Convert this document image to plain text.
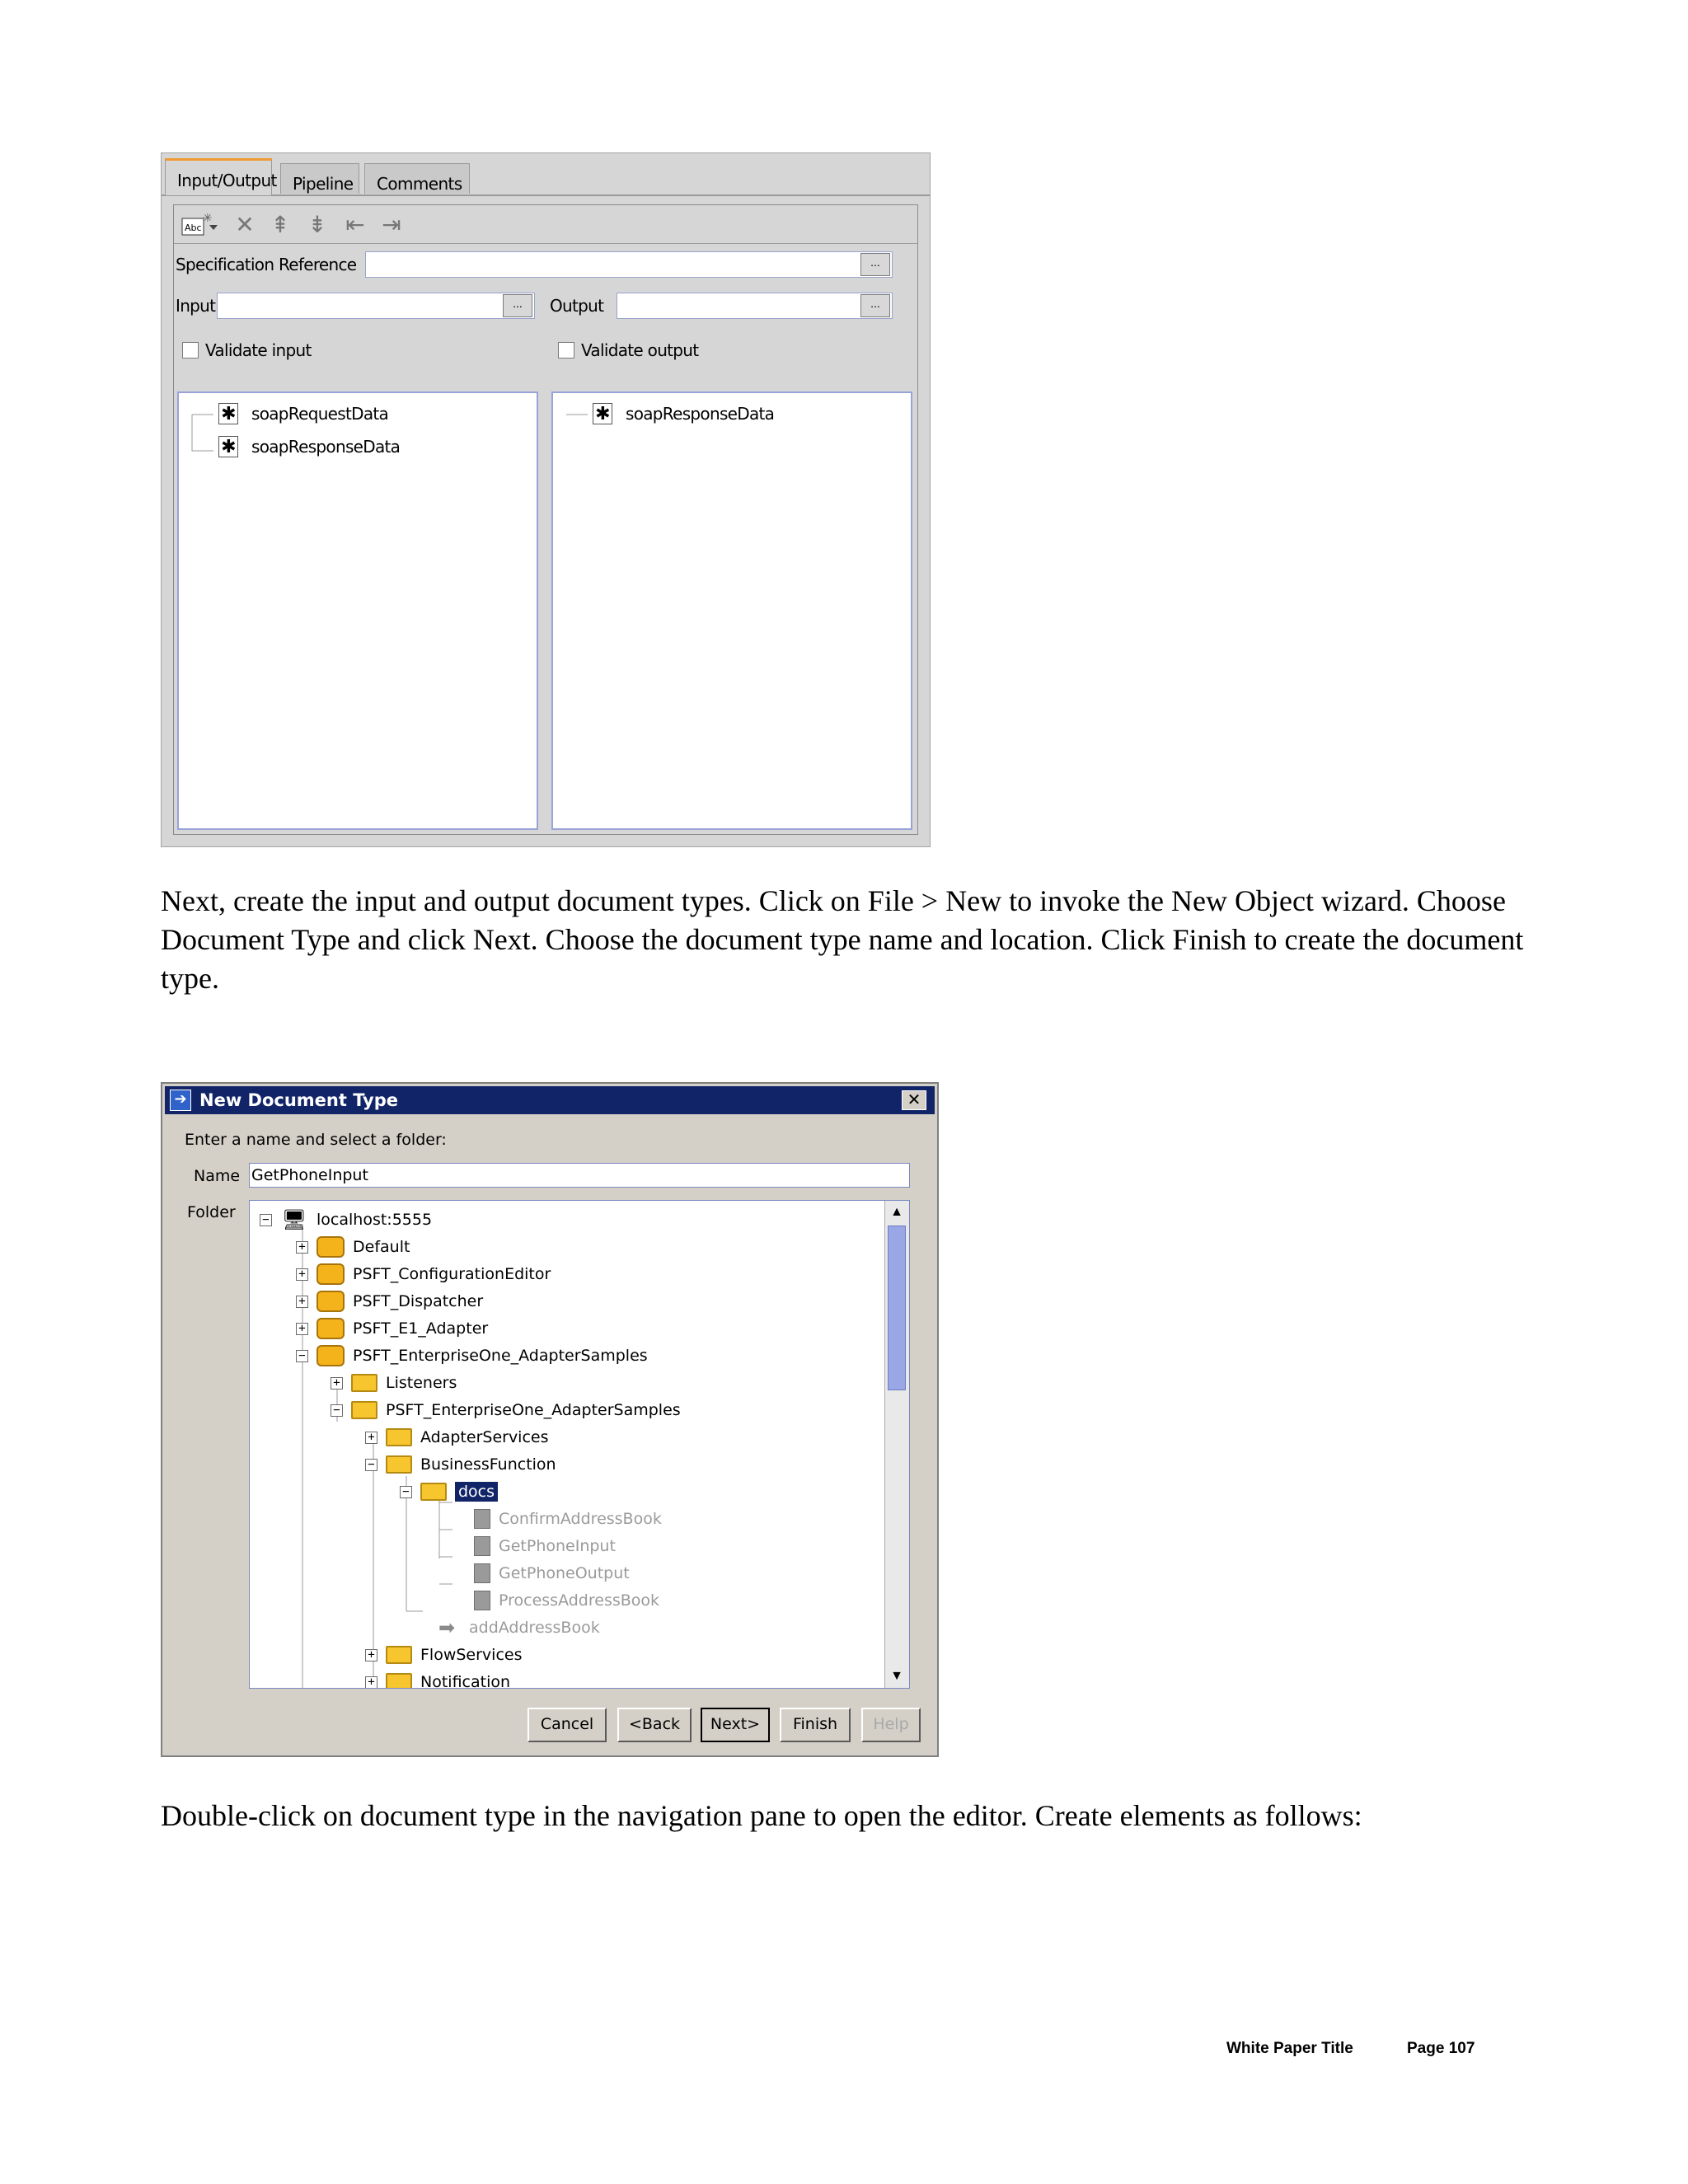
Input/Output Pipeline	Comments
Abc
✳ ✕ ⇞ ⇟ ⇤ ⇥
Specification Reference	...
Input	...	Output	...
Validate input	Validate output
✱ soapRequestData
✱ soapResponseData
✱ soapResponseData

Next, create the input and output document types. Click on File > New to invoke the New Object wizard. Choose Document Type and click Next. Choose the document type name and location. Click Finish to create the document type.

➔ New Document Type	✕
Enter a name and select a folder:
Name GetPhoneInput
Folder − 🖥 localhost:5555
+	Default
+	PSFT_ConfigurationEditor
+	PSFT_Dispatcher
+	PSFT_E1_Adapter
−	PSFT_EnterpriseOne_AdapterSamples
+	Listeners
−	PSFT_EnterpriseOne_AdapterSamples
+	AdapterServices
−	BusinessFunction
−	docs
ConfirmAddressBook
GetPhoneInput
GetPhoneOutput
ProcessAddressBook
➡ addAddressBook
+	FlowServices
+	Notification
▲
▼
Cancel	<Back	Next>	Finish	Help

Double-click on document type in the navigation pane to open the editor. Create elements as follows:

White Paper Title	Page 107
